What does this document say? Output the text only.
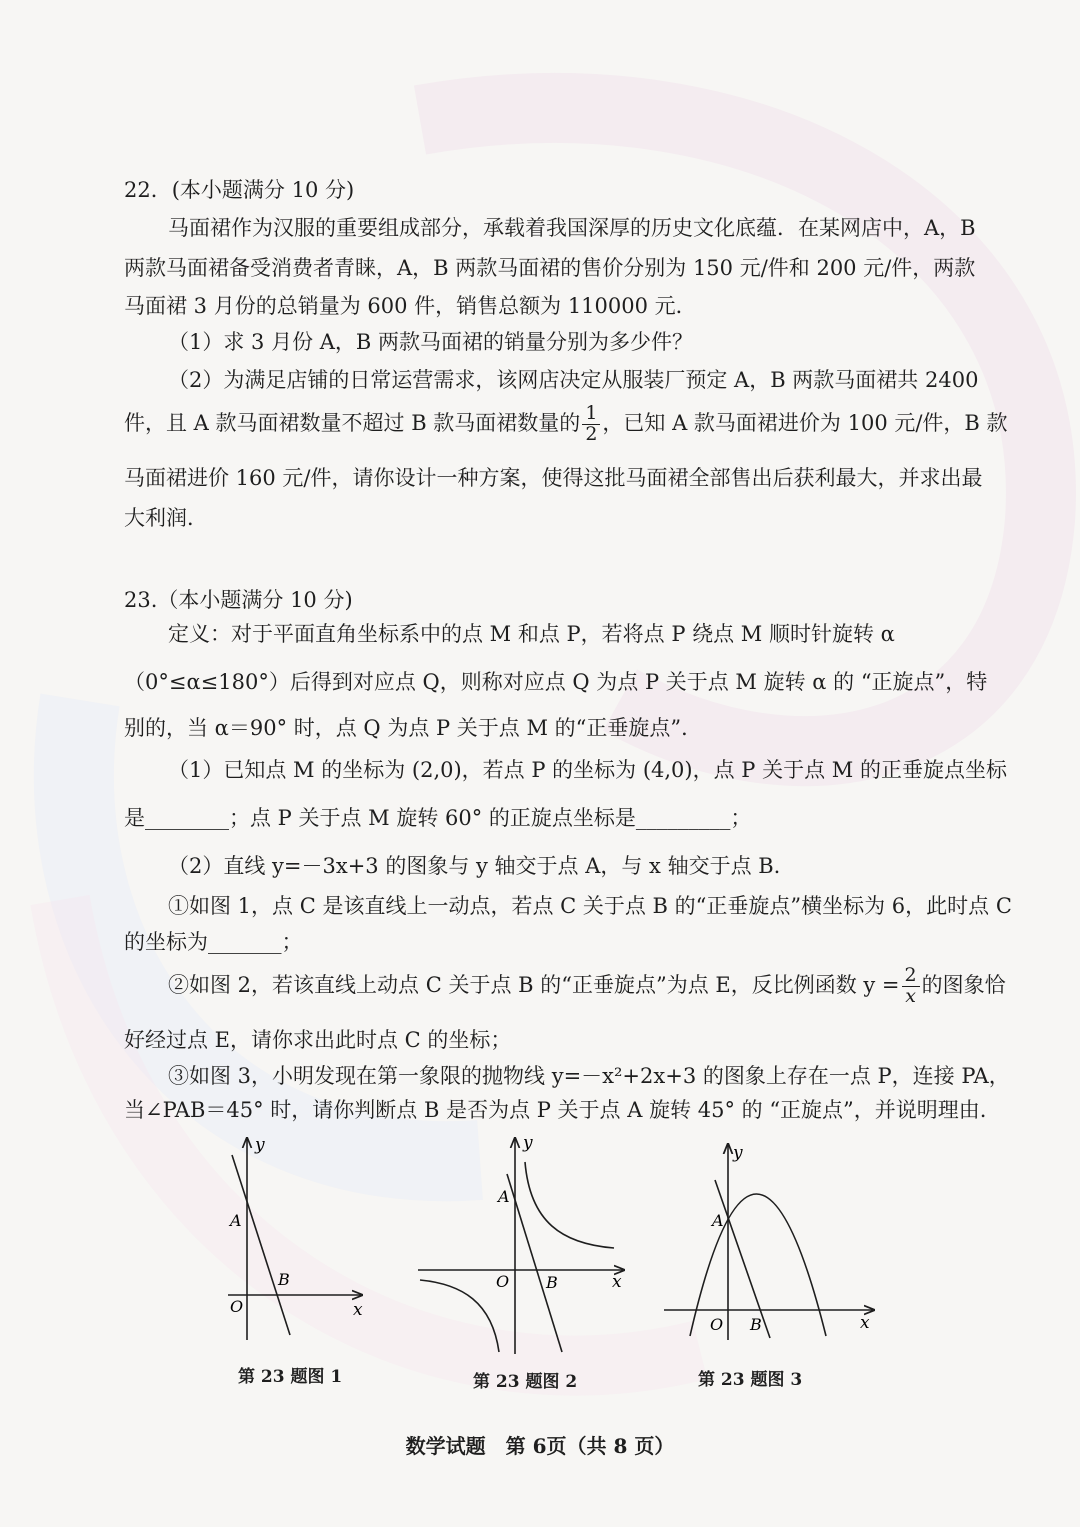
22．(本小题满分 10 分)
马面裙作为汉服的重要组成部分，承载着我国深厚的历史文化底蕴．在某网店中，A，B
两款马面裙备受消费者青睐，A，B 两款马面裙的售价分别为 150 元/件和 200 元/件，两款
马面裙 3 月份的总销量为 600 件，销售总额为 110000 元．
（1）求 3 月份 A，B 两款马面裙的销量分别为多少件？
（2）为满足店铺的日常运营需求，该网店决定从服装厂预定 A，B 两款马面裙共 2400
件，且 A 款马面裙数量不超过 B 款马面裙数量的 $\frac{1}{2}$ ，已知 A 款马面裙进价为 100 元/件，B 款
马面裙进价 160 元/件，请你设计一种方案，使得这批马面裙全部售出后获利最大，并求出最
大利润．
23.（本小题满分 10 分)
定义：对于平面直角坐标系中的点 M 和点 P，若将点 P 绕点 M 顺时针旋转 α
（0°≤α≤180°）后得到对应点 Q，则称对应点 Q 为点 P 关于点 M 旋转 α 的 “正旋点”，特
别的，当 α＝90° 时，点 Q 为点 P 关于点 M 的“正垂旋点”．
（1）已知点 M 的坐标为 (2,0)，若点 P 的坐标为 (4,0)，点 P 关于点 M 的正垂旋点坐标
是________；点 P 关于点 M 旋转 60° 的正旋点坐标是_________；
（2）直线 y=－3x+3 的图象与 y 轴交于点 A，与 x 轴交于点 B.
①如图 1，点 C 是该直线上一动点，若点 C 关于点 B 的“正垂旋点”横坐标为 6，此时点 C
的坐标为_______；
②如图 2，若该直线上动点 C 关于点 B 的“正垂旋点”为点 E，反比例函数 $y = \frac{2}{x}$ 的图象恰
好经过点 E，请你求出此时点 C 的坐标；
③如图 3，小明发现在第一象限的抛物线 y=－x²+2x+3 的图象上存在一点 P，连接 PA，
当∠PAB＝45° 时，请你判断点 B 是否为点 P 关于点 A 旋转 45° 的 “正旋点”，并说明理由.
y
x
O
A
B
第 23 题图 1
y
x
O
A
B
第 23 题图 2
y
x
O
A
B
第 23 题图 3
数学试题　第 6页（共 8 页）
